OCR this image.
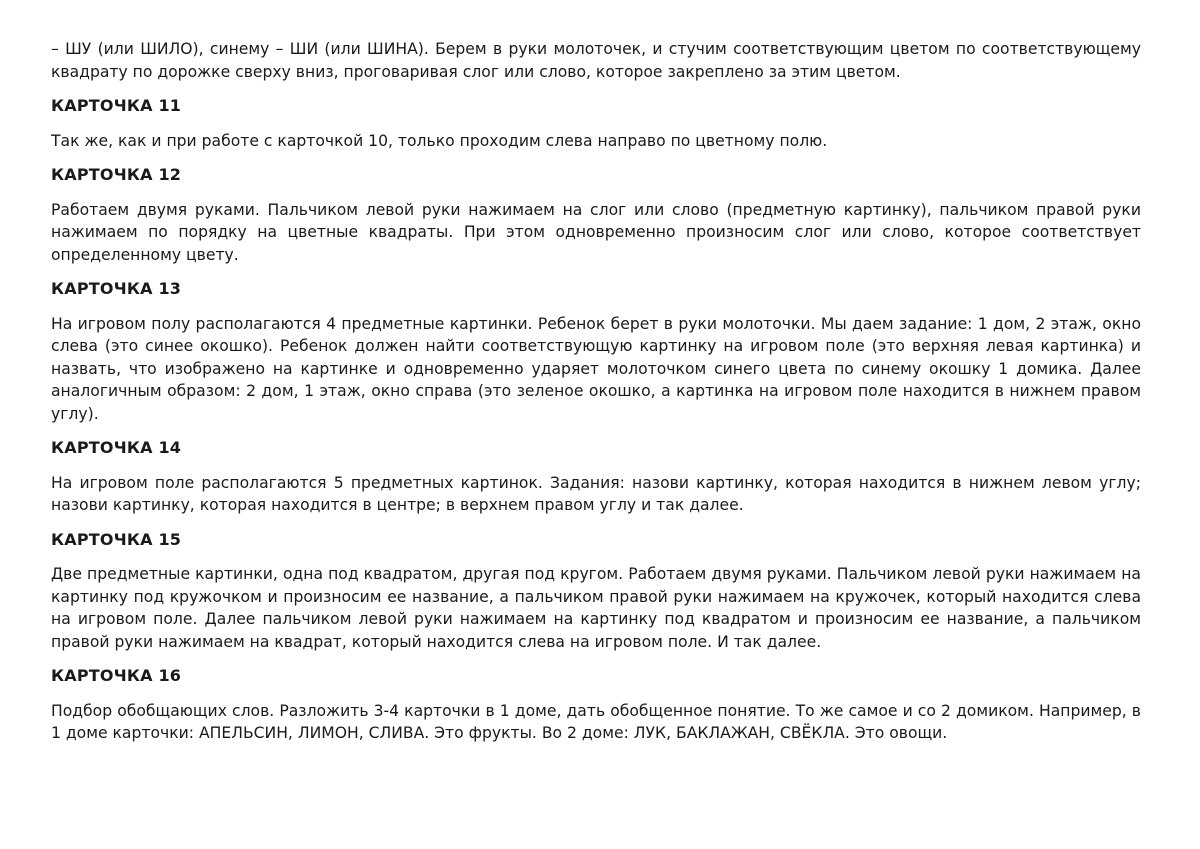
– ШУ (или ШИЛО), синему – ШИ (или ШИНА). Берем в руки молоточек, и стучим соответствующим цветом по соответствующему квадрату по дорожке сверху вниз, проговаривая слог или слово, которое закреплено за этим цветом.

КАРТОЧКА 11

Так же, как и при работе с карточкой 10, только проходим слева направо по цветному полю.

КАРТОЧКА 12

Работаем двумя руками. Пальчиком левой руки нажимаем на слог или слово (предметную картинку), пальчиком правой руки нажимаем по порядку на цветные квадраты. При этом одновременно произносим слог или слово, которое соответствует определенному цвету.

КАРТОЧКА 13

На игровом полу располагаются 4 предметные картинки. Ребенок берет в руки молоточки. Мы даем задание: 1 дом, 2 этаж, окно слева (это синее окошко). Ребенок должен найти соответствующую картинку на игровом поле (это верхняя левая картинка) и назвать, что изображено на картинке и одновременно ударяет молоточком синего цвета по синему окошку 1 домика. Далее аналогичным образом: 2 дом, 1 этаж, окно справа (это зеленое окошко, а картинка на игровом поле находится в нижнем правом углу).

КАРТОЧКА 14

На игровом поле располагаются 5 предметных картинок. Задания: назови картинку, которая находится в нижнем левом углу; назови картинку, которая находится в центре; в верхнем правом углу и так далее.

КАРТОЧКА 15

Две предметные картинки, одна под квадратом, другая под кругом. Работаем двумя руками. Пальчиком левой руки нажимаем на картинку под кружочком и произносим ее название, а пальчиком правой руки нажимаем на кружочек, который находится слева на игровом поле. Далее пальчиком левой руки нажимаем на картинку под квадратом и произносим ее название, а пальчиком правой руки нажимаем на квадрат, который находится слева на игровом поле. И так далее.

КАРТОЧКА 16

Подбор обобщающих слов. Разложить 3-4 карточки в 1 доме, дать обобщенное понятие. То же самое и со 2 домиком. Например, в 1 доме карточки: АПЕЛЬСИН, ЛИМОН, СЛИВА. Это фрукты. Во 2 доме: ЛУК, БАКЛАЖАН, СВЁКЛА. Это овощи.
